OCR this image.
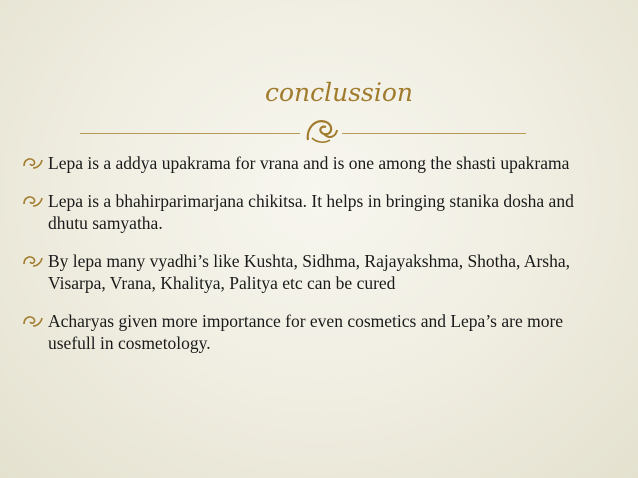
conclussion
Lepa is a addya upakrama for vrana and is one among the shasti upakrama
Lepa is a bhahirparimarjana chikitsa. It helps in bringing stanika dosha and dhutu samyatha.
By lepa many vyadhi’s like Kushta, Sidhma, Rajayakshma, Shotha, Arsha, Visarpa, Vrana, Khalitya, Palitya etc can be cured
Acharyas given more importance for even cosmetics and Lepa’s are more usefull in cosmetology.
